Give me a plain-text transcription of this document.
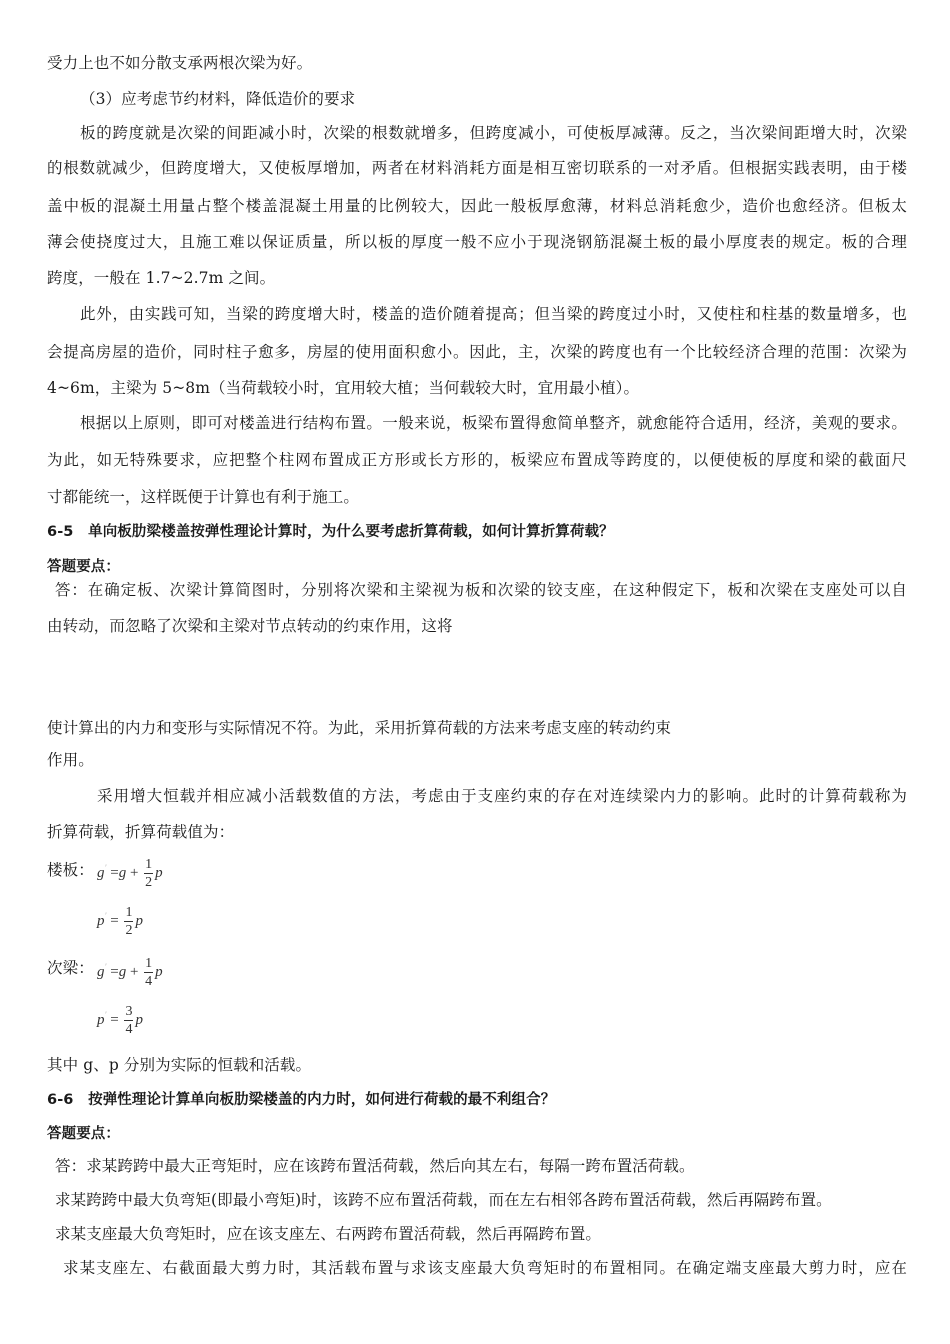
受力上也不如分散支承两根次梁为好。
（3）应考虑节约材料，降低造价的要求
板的跨度就是次梁的间距减小时，次梁的根数就增多，但跨度减小，可使板厚减薄。反之，当次梁间距增大时，次梁
的根数就减少，但跨度增大，又使板厚增加，两者在材料消耗方面是相互密切联系的一对矛盾。但根据实践表明，由于楼
盖中板的混凝土用量占整个楼盖混凝土用量的比例较大，因此一般板厚愈薄，材料总消耗愈少，造价也愈经济。但板太
薄会使挠度过大，且施工难以保证质量，所以板的厚度一般不应小于现浇钢筋混凝土板的最小厚度表的规定。板的合理
跨度，一般在 1.7~2.7m 之间。
此外，由实践可知，当梁的跨度增大时，楼盖的造价随着提高；但当梁的跨度过小时，又使柱和柱基的数量增多，也
会提高房屋的造价，同时柱子愈多，房屋的使用面积愈小。因此，主，次梁的跨度也有一个比较经济合理的范围：次梁为
4~6m，主梁为 5~8m（当荷载较小时，宜用较大植；当何载较大时，宜用最小植）。
根据以上原则，即可对楼盖进行结构布置。一般来说，板梁布置得愈简单整齐，就愈能符合适用，经济，美观的要求。
为此，如无特殊要求，应把整个柱网布置成正方形或长方形的，板梁应布置成等跨度的，以便使板的厚度和梁的截面尺
寸都能统一，这样既便于计算也有利于施工。
6-5　单向板肋梁楼盖按弹性理论计算时，为什么要考虑折算荷载，如何计算折算荷载？
答题要点：
答：在确定板、次梁计算简图时，分别将次梁和主梁视为板和次梁的铰支座，在这种假定下，板和次梁在支座处可以自
由转动，而忽略了次梁和主梁对节点转动的约束作用，这将
使计算出的内力和变形与实际情况不符。为此，采用折算荷载的方法来考虑支座的转动约束
作用。
采用增大恒载并相应减小活载数值的方法，考虑由于支座约束的存在对连续梁内力的影响。此时的计算荷载称为
折算荷载，折算荷载值为：
楼板： $g' =g + \frac{1}{2}$ p
$p' = \frac{1}{2}$ p
次梁： $g' =g + \frac{1}{4}$ p
$p' = \frac{3}{4}$ p
其中 g、p 分别为实际的恒载和活载。
6-6　按弹性理论计算单向板肋梁楼盖的内力时，如何进行荷载的最不利组合？
答题要点：
答：求某跨跨中最大正弯矩时，应在该跨布置活荷载，然后向其左右，每隔一跨布置活荷载。
求某跨跨中最大负弯矩(即最小弯矩)时，该跨不应布置活荷载，而在左右相邻各跨布置活荷载，然后再隔跨布置。
求某支座最大负弯矩时，应在该支座左、右两跨布置活荷载，然后再隔跨布置。
求某支座左、右截面最大剪力时，其活载布置与求该支座最大负弯矩时的布置相同。在确定端支座最大剪力时，应在
